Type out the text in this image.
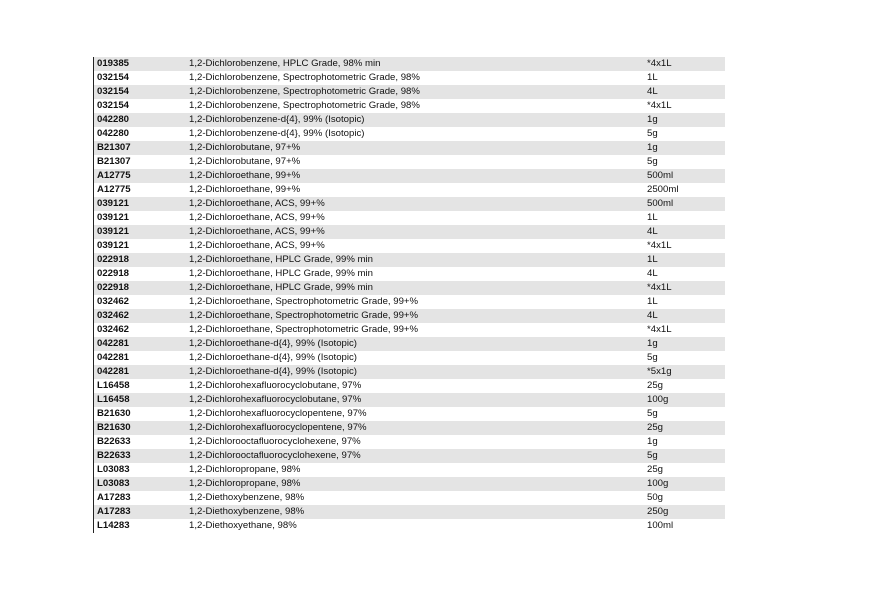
019385	1,2-Dichlorobenzene, HPLC Grade, 98% min	*4x1L
032154	1,2-Dichlorobenzene, Spectrophotometric Grade, 98%	1L
032154	1,2-Dichlorobenzene, Spectrophotometric Grade, 98%	4L
032154	1,2-Dichlorobenzene, Spectrophotometric Grade, 98%	*4x1L
042280	1,2-Dichlorobenzene-d{4}, 99% (Isotopic)	1g
042280	1,2-Dichlorobenzene-d{4}, 99% (Isotopic)	5g
B21307	1,2-Dichlorobutane, 97+%	1g
B21307	1,2-Dichlorobutane, 97+%	5g
A12775	1,2-Dichloroethane, 99+%	500ml
A12775	1,2-Dichloroethane, 99+%	2500ml
039121	1,2-Dichloroethane, ACS, 99+%	500ml
039121	1,2-Dichloroethane, ACS, 99+%	1L
039121	1,2-Dichloroethane, ACS, 99+%	4L
039121	1,2-Dichloroethane, ACS, 99+%	*4x1L
022918	1,2-Dichloroethane, HPLC Grade, 99% min	1L
022918	1,2-Dichloroethane, HPLC Grade, 99% min	4L
022918	1,2-Dichloroethane, HPLC Grade, 99% min	*4x1L
032462	1,2-Dichloroethane, Spectrophotometric Grade, 99+%	1L
032462	1,2-Dichloroethane, Spectrophotometric Grade, 99+%	4L
032462	1,2-Dichloroethane, Spectrophotometric Grade, 99+%	*4x1L
042281	1,2-Dichloroethane-d{4}, 99% (Isotopic)	1g
042281	1,2-Dichloroethane-d{4}, 99% (Isotopic)	5g
042281	1,2-Dichloroethane-d{4}, 99% (Isotopic)	*5x1g
L16458	1,2-Dichlorohexafluorocyclobutane, 97%	25g
L16458	1,2-Dichlorohexafluorocyclobutane, 97%	100g
B21630	1,2-Dichlorohexafluorocyclopentene, 97%	5g
B21630	1,2-Dichlorohexafluorocyclopentene, 97%	25g
B22633	1,2-Dichlorooctafluorocyclohexene, 97%	1g
B22633	1,2-Dichlorooctafluorocyclohexene, 97%	5g
L03083	1,2-Dichloropropane, 98%	25g
L03083	1,2-Dichloropropane, 98%	100g
A17283	1,2-Diethoxybenzene, 98%	50g
A17283	1,2-Diethoxybenzene, 98%	250g
L14283	1,2-Diethoxyethane, 98%	100ml
